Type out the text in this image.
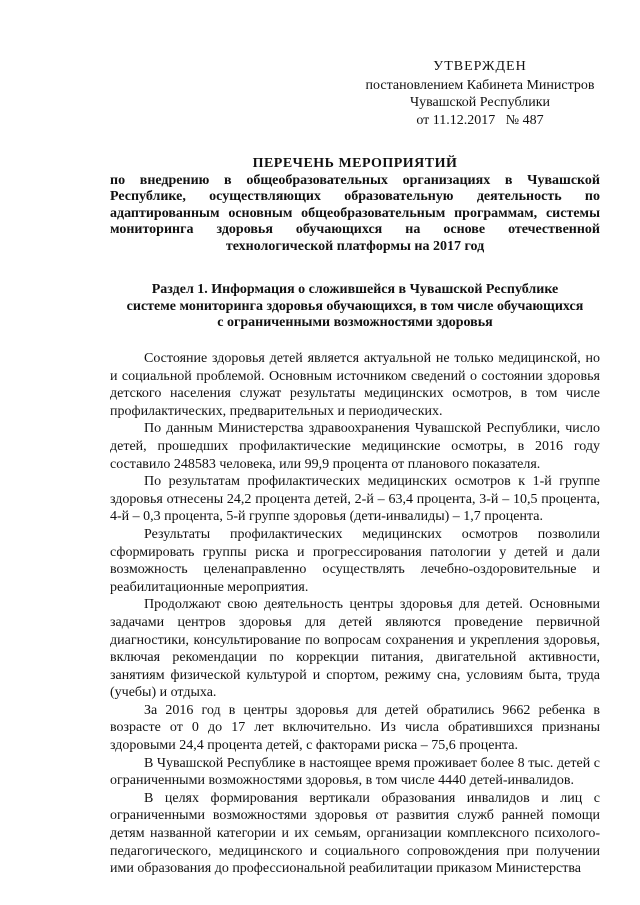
УТВЕРЖДЕН
постановлением Кабинета Министров
Чувашской Республики
от 11.12.2017   № 487
ПЕРЕЧЕНЬ МЕРОПРИЯТИЙ
по внедрению в общеобразовательных организациях в Чувашской Республике, осуществляющих образовательную деятельность по адаптированным основным общеобразовательным программам, системы мониторинга здоровья обучающихся на основе отечественной технологической платформы на 2017 год
Раздел 1. Информация о сложившейся в Чувашской Республике
системе мониторинга здоровья обучающихся, в том числе обучающихся
с ограниченными возможностями здоровья

Состояние здоровья детей является актуальной не только медицинской, но и социальной проблемой. Основным источником сведений о состоянии здоровья детского населения служат результаты медицинских осмотров, в том числе профилактических, предварительных и периодических.

По данным Министерства здравоохранения Чувашской Республики, число детей, прошедших профилактические медицинские осмотры, в 2016 году составило 248583 человека, или 99,9 процента от планового показателя.

По результатам профилактических медицинских осмотров к 1-й группе здоровья отнесены 24,2 процента детей, 2-й – 63,4 процента, 3-й – 10,5 процента, 4-й – 0,3 процента, 5-й группе здоровья (дети-инвалиды) – 1,7 процента.

Результаты профилактических медицинских осмотров позволили сформировать группы риска и прогрессирования патологии у детей и дали возможность целенаправленно осуществлять лечебно-оздоровительные и реабилитационные мероприятия.

Продолжают свою деятельность центры здоровья для детей. Основными задачами центров здоровья для детей являются проведение первичной диагностики, консультирование по вопросам сохранения и укрепления здоровья, включая рекомендации по коррекции питания, двигательной активности, занятиям физической культурой и спортом, режиму сна, условиям быта, труда (учебы) и отдыха.

За 2016 год в центры здоровья для детей обратились 9662 ребенка в возрасте от 0 до 17 лет включительно. Из числа обратившихся признаны здоровыми 24,4 процента детей, с факторами риска – 75,6 процента.

В Чувашской Республике в настоящее время проживает более 8 тыс. детей с ограниченными возможностями здоровья, в том числе 4440 детей-инвалидов.

В целях формирования вертикали образования инвалидов и лиц с ограниченными возможностями здоровья от развития служб ранней помощи детям названной категории и их семьям, организации комплексного психолого-педагогического, медицинского и социального сопровождения при получении ими образования до профессиональной реабилитации приказом Министерства
